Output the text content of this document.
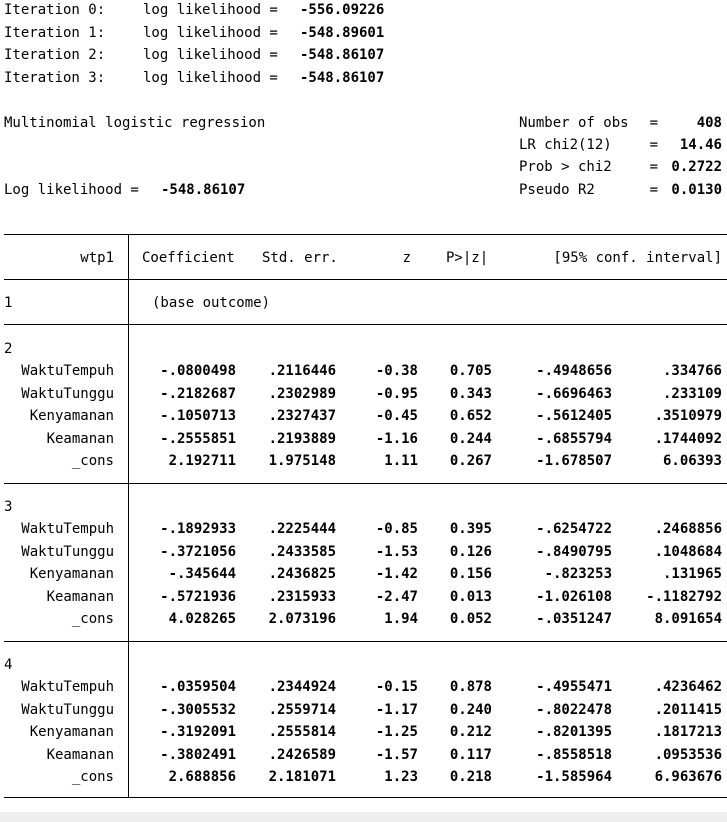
Iteration 0:	log likelihood = -556.09226
Iteration 1:	log likelihood = -548.89601
Iteration 2:	log likelihood = -548.86107
Iteration 3:	log likelihood = -548.86107
Multinomial logistic regression
Log likelihood = -548.86107
Number of obs =	408
LR chi2(12)	= 14.46
Prob > chi2	= 0.2722
Pseudo R2	= 0.0130
wtp1 Coefficient Std. err.	z	P>|z|	[95% conf. interval]
1	(base outcome)
2
WaktuTempuh	-.0800498 .2116446	-0.38 0.705	-.4948656	.334766
WaktuTunggu	-.2182687 .2302989	-0.95 0.343	-.6696463	.233109
Kenyamanan	-.1050713 .2327437	-0.45 0.652	-.5612405	.3510979
Keamanan	-.2555851 .2193889	-1.16 0.244	-.6855794	.1744092
_cons	2.192711 1.975148	1.11 0.267	-1.678507	6.06393
3
WaktuTempuh	-.1892933 .2225444	-0.85 0.395	-.6254722	.2468856
WaktuTunggu	-.3721056 .2433585	-1.53 0.126	-.8490795	.1048684
Kenyamanan	-.345644 .2436825	-1.42 0.156	-.823253	.131965
Keamanan	-.5721936 .2315933	-2.47 0.013	-1.026108 -.1182792
_cons	4.028265 2.073196	1.94 0.052	-.0351247	8.091654
4
WaktuTempuh	-.0359504 .2344924	-0.15 0.878	-.4955471	.4236462
WaktuTunggu	-.3005532 .2559714	-1.17 0.240	-.8022478	.2011415
Kenyamanan	-.3192091 .2555814	-1.25 0.212	-.8201395	.1817213
Keamanan	-.3802491 .2426589	-1.57 0.117	-.8558518	.0953536
_cons	2.688856 2.181071	1.23 0.218	-1.585964	6.963676
